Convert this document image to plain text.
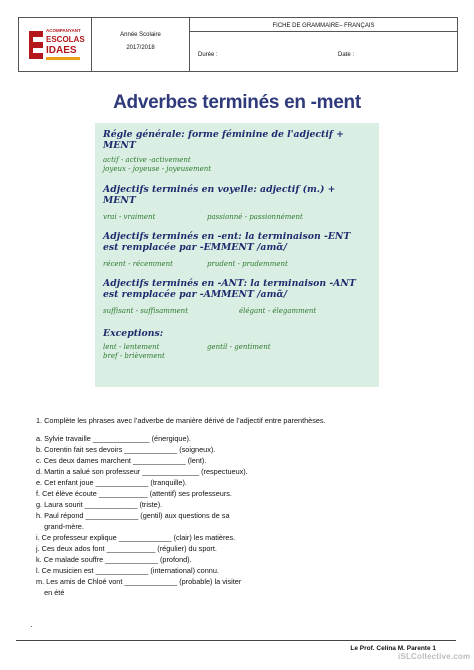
ACOMPANYANT
ESCOLAS
IDAES
Année Scolaire
2017/2018
FICHE DE GRAMMAIRE– FRANÇAIS
Durée :	Date :
Adverbes terminés en -ment
Régle générale: forme féminine de l'adjectif + MENT
actif - active -activement
joyeux - joyeuse - joyeusement
Adjectifs terminés en voyelle: adjectif (m.) + MENT
vrai - vraiment	passionné - passionnément
Adjectifs terminés en -ent: la terminaison -ENT
est remplacée par -EMMENT /amɑ̃/
récent - récemment	prudent - prudemment
Adjectifs terminés en -ANT: la terminaison -ANT
est remplacée par -AMMENT /amɑ̃/
suffisant - suffisamment	élégant - élegamment
Exceptions:
lent - lentement	gentil - gentiment
bref - brièvement
1. Complète les phrases avec l’adverbe de manière dérivé de l’adjectif entre parenthèses.
a. Sylvie travaille ______________ (énergique).
b. Corentin fait ses devoirs _____________ (soigneux).
c. Ces deux dames marchent _____________ (lent).
d. Martin a salué son professeur ______________ (respectueux).
e. Cet enfant joue _____________ (tranquille).
f. Cet élève écoute ____________ (attentif) ses professeurs.
g. Laura sourit _____________ (triste).
h. Paul répond _____________ (gentil) aux questions de sa
grand-mère.
i. Ce professeur explique _____________ (clair) les matières.
j. Ces deux ados font ____________ (régulier) du sport.
k. Ce malade souffre _____________ (profond).
l. Ce musicien est _____________ (international) connu.
m. Les amis de Chloé vont _____________ (probable) la visiter
en été
·
Le Prof. Celina M. Parente 1
iSLCollective.com
